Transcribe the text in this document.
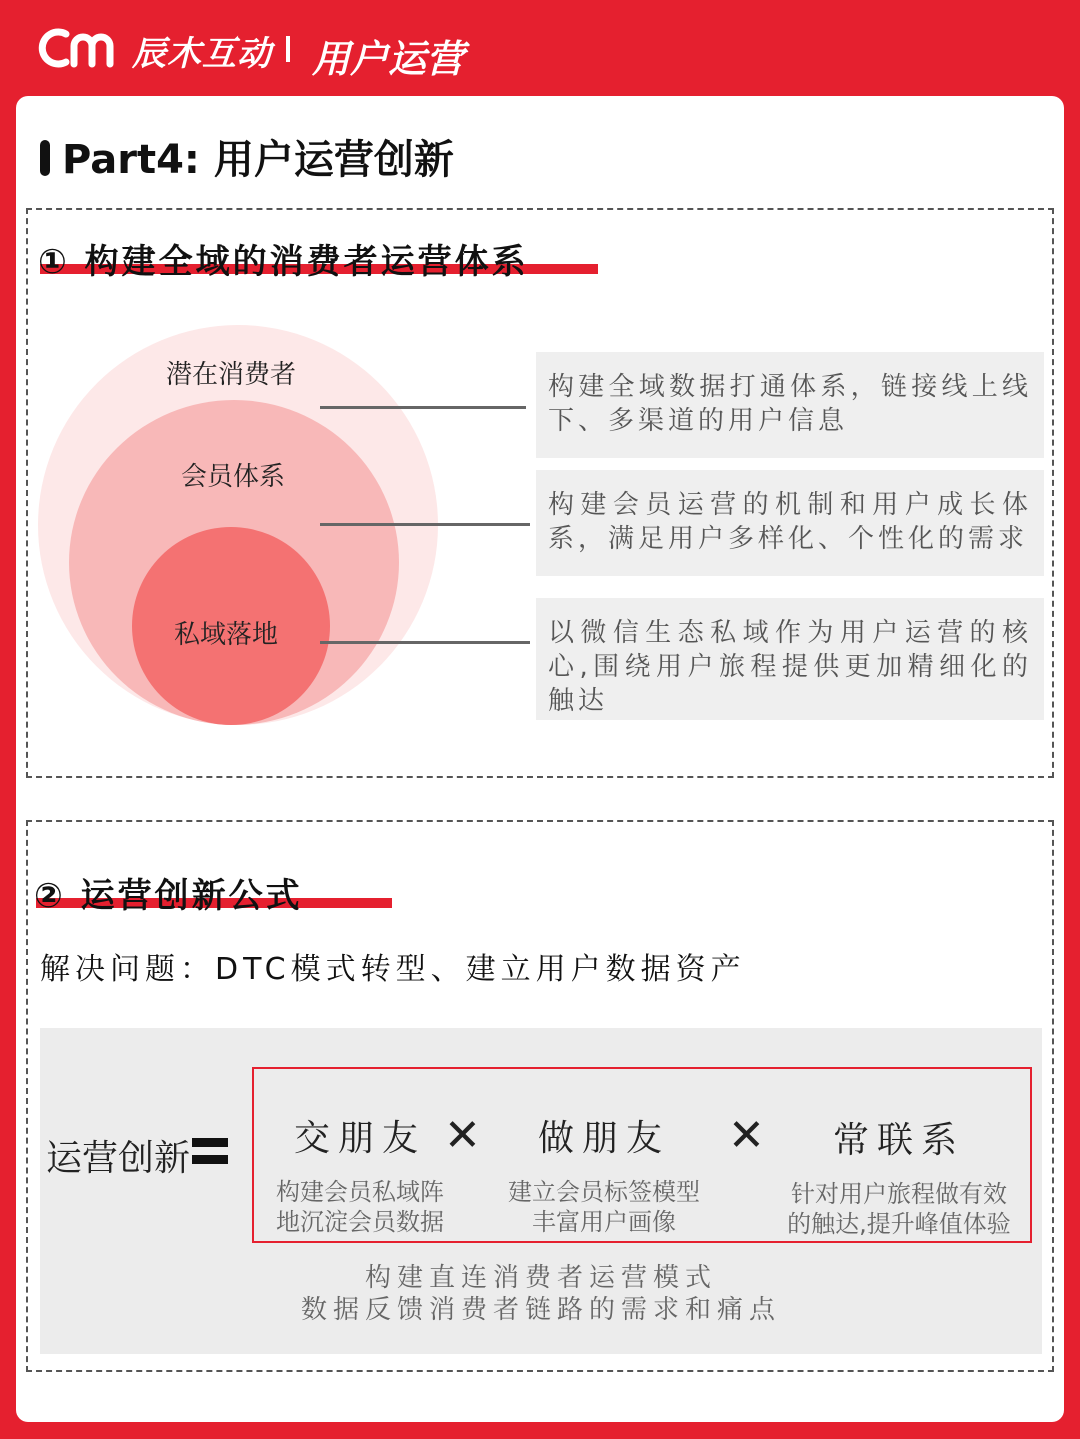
辰木互动 用户运营
Part4: 用户运营创新
① 构建全域的消费者运营体系
潜在消费者
会员体系
私域落地
构建全域数据打通体系，链接线上线下、多渠道的用户信息
构建会员运营的机制和用户成长体系，满足用户多样化、个性化的需求
以微信生态私域作为用户运营的核心,围绕用户旅程提供更加精细化的触达
② 运营创新公式
解决问题：DTC模式转型、建立用户数据资产
运营创新	交朋友
构建会员私域阵
地沉淀会员数据
✕	做朋友
建立会员标签模型
丰富用户画像
✕	常联系
针对用户旅程做有效
的触达,提升峰值体验
构建直连消费者运营模式
数据反馈消费者链路的需求和痛点
